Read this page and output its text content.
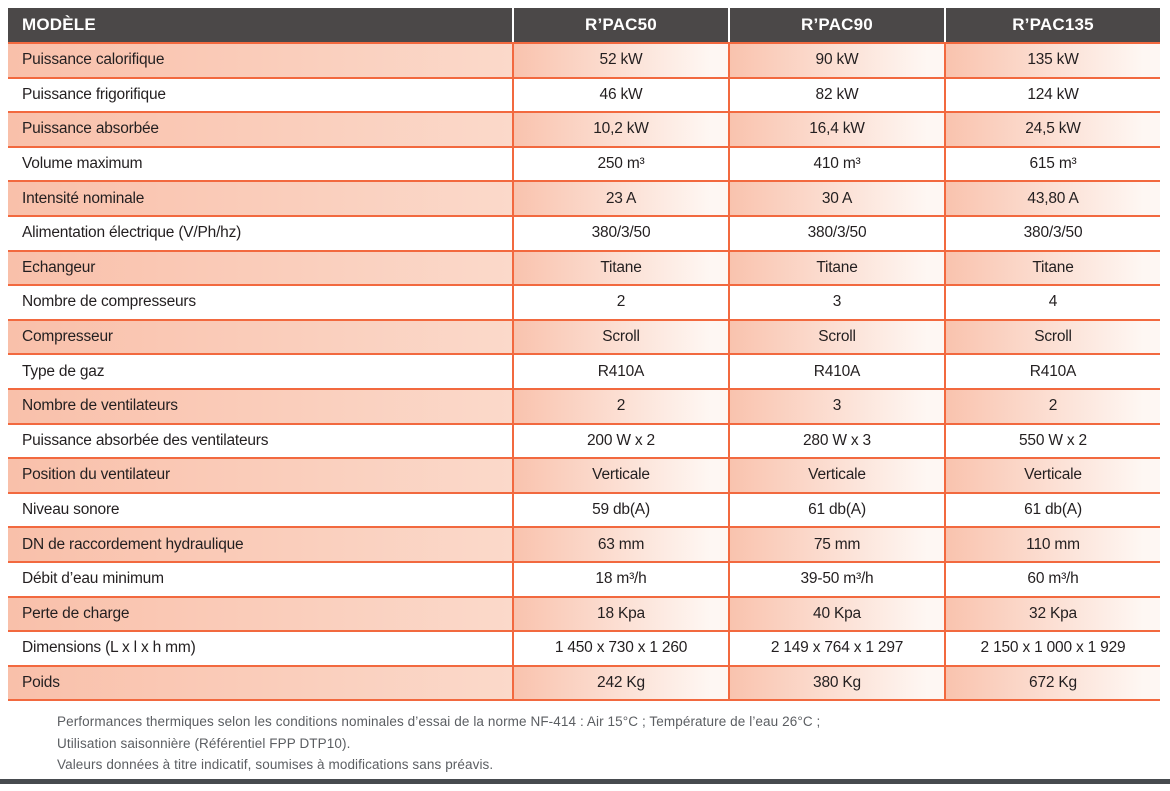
MODÈLE	R’PAC50	R’PAC90	R’PAC135
Puissance calorifique	52 kW	90 kW	135 kW
Puissance frigorifique	46 kW	82 kW	124 kW
Puissance absorbée	10,2 kW	16,4 kW	24,5 kW
Volume maximum	250 m³	410 m³	615 m³
Intensité nominale	23 A	30 A	43,80 A
Alimentation électrique (V/Ph/hz)	380/3/50	380/3/50	380/3/50
Echangeur	Titane	Titane	Titane
Nombre de compresseurs	2	3	4
Compresseur	Scroll	Scroll	Scroll
Type de gaz	R410A	R410A	R410A
Nombre de ventilateurs	2	3	2
Puissance absorbée des ventilateurs	200 W x 2	280 W x 3	550 W x 2
Position du ventilateur	Verticale	Verticale	Verticale
Niveau sonore	59 db(A)	61 db(A)	61 db(A)
DN de raccordement hydraulique	63 mm	75 mm	110 mm
Débit d’eau minimum	18 m³/h	39-50 m³/h	60 m³/h
Perte de charge	18 Kpa	40 Kpa	32 Kpa
Dimensions (L x l x h mm)	1 450 x 730 x 1 260	2 149 x 764 x 1 297	2 150 x 1 000 x 1 929
Poids	242 Kg	380 Kg	672 Kg
Performances thermiques selon les conditions nominales d’essai de la norme NF-414 : Air 15°C ; Température de l’eau 26°C ;
Utilisation saisonnière (Référentiel FPP DTP10).
Valeurs données à titre indicatif, soumises à modifications sans préavis.
